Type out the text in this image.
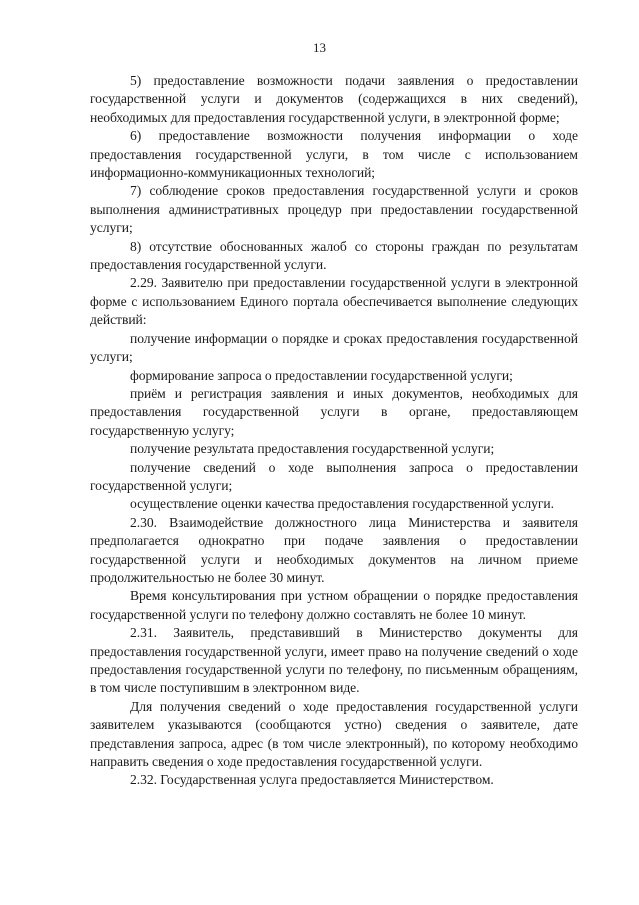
13

5) предоставление возможности подачи заявления о предоставлении государственной услуги и документов (содержащихся в них сведений), необходимых для предоставления государственной услуги, в электронной форме;

6) предоставление возможности получения информации о ходе предоставления государственной услуги, в том числе с использованием информационно-коммуникационных технологий;

7) соблюдение сроков предоставления государственной услуги и сроков выполнения административных процедур при предоставлении государственной услуги;

8) отсутствие обоснованных жалоб со стороны граждан по результатам предоставления государственной услуги.

2.29. Заявителю при предоставлении государственной услуги в электронной форме с использованием Единого портала обеспечивается выполнение следующих действий:

получение информации о порядке и сроках предоставления государственной услуги;

формирование запроса о предоставлении государственной услуги;

приём и регистрация заявления и иных документов, необходимых для предоставления государственной услуги в органе, предоставляющем государственную услугу;

получение результата предоставления государственной услуги;

получение сведений о ходе выполнения запроса о предоставлении государственной услуги;

осуществление оценки качества предоставления государственной услуги.

2.30. Взаимодействие должностного лица Министерства и заявителя предполагается однократно при подаче заявления о предоставлении государственной услуги и необходимых документов на личном приеме продолжительностью не более 30 минут.

Время консультирования при устном обращении о порядке предоставления государственной услуги по телефону должно составлять не более 10 минут.

2.31. Заявитель, представивший в Министерство документы для предоставления государственной услуги, имеет право на получение сведений о ходе предоставления государственной услуги по телефону, по письменным обращениям, в том числе поступившим в электронном виде.

Для получения сведений о ходе предоставления государственной услуги заявителем указываются (сообщаются устно) сведения о заявителе, дате представления запроса, адрес (в том числе электронный), по которому необходимо направить сведения о ходе предоставления государственной услуги.

2.32. Государственная услуга предоставляется Министерством.
